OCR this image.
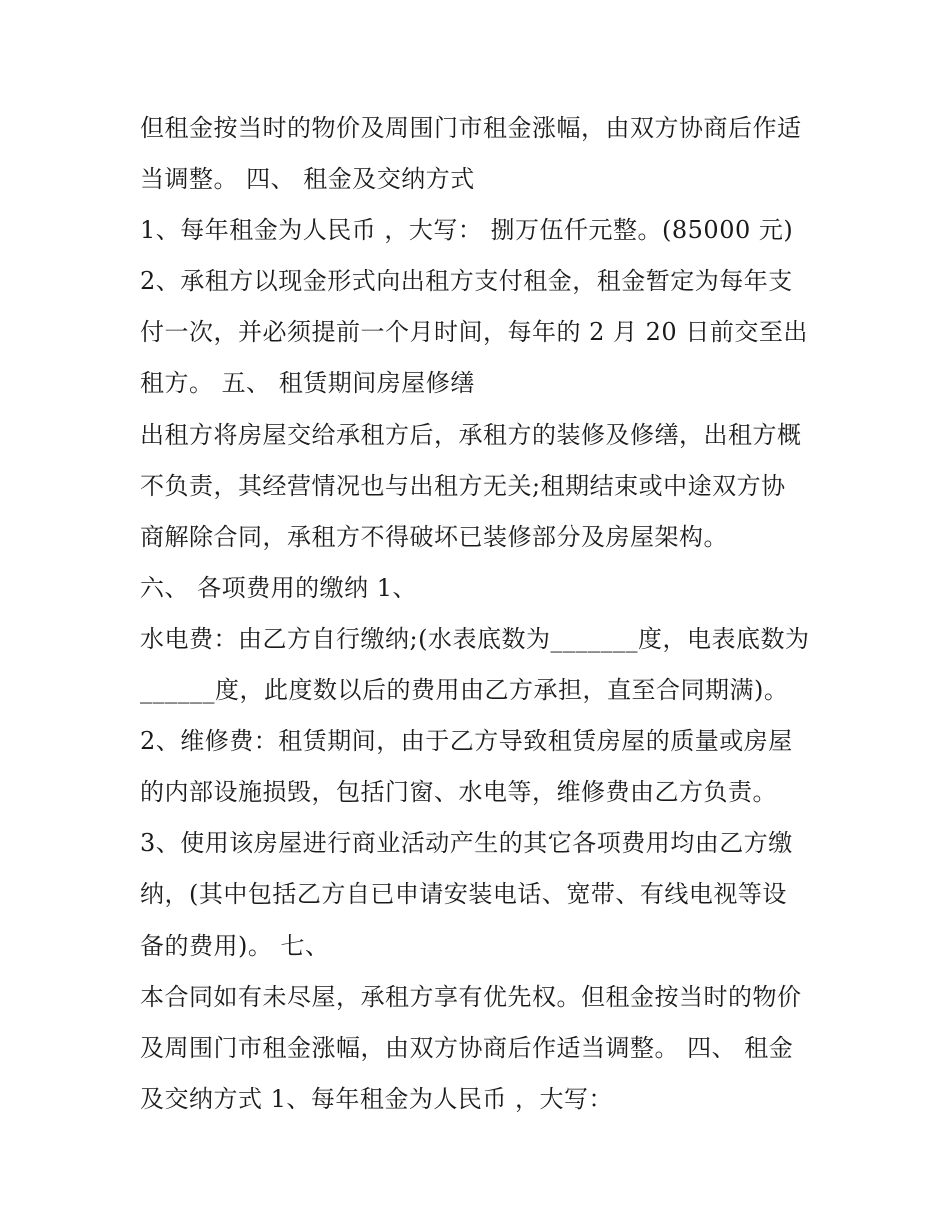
但租金按当时的物价及周围门市租金涨幅，由双方协商后作适
当调整。 四、 租金及交纳方式
1、每年租金为人民币 ，大写： 捌万伍仟元整。(85000 元)
2、承租方以现金形式向出租方支付租金，租金暂定为每年支
付一次，并必须提前一个月时间，每年的 2 月 20 日前交至出
租方。 五、 租赁期间房屋修缮
出租方将房屋交给承租方后，承租方的装修及修缮，出租方概
不负责，其经营情况也与出租方无关;租期结束或中途双方协
商解除合同，承租方不得破坏已装修部分及房屋架构。
六、 各项费用的缴纳 1、
水电费：由乙方自行缴纳;(水表底数为_______度，电表底数为
______度，此度数以后的费用由乙方承担，直至合同期满)。
2、维修费：租赁期间，由于乙方导致租赁房屋的质量或房屋
的内部设施损毁，包括门窗、水电等，维修费由乙方负责。
3、使用该房屋进行商业活动产生的其它各项费用均由乙方缴
纳，(其中包括乙方自已申请安装电话、宽带、有线电视等设
备的费用)。 七、
本合同如有未尽屋，承租方享有优先权。但租金按当时的物价
及周围门市租金涨幅，由双方协商后作适当调整。 四、 租金
及交纳方式 1、每年租金为人民币 ，大写：
